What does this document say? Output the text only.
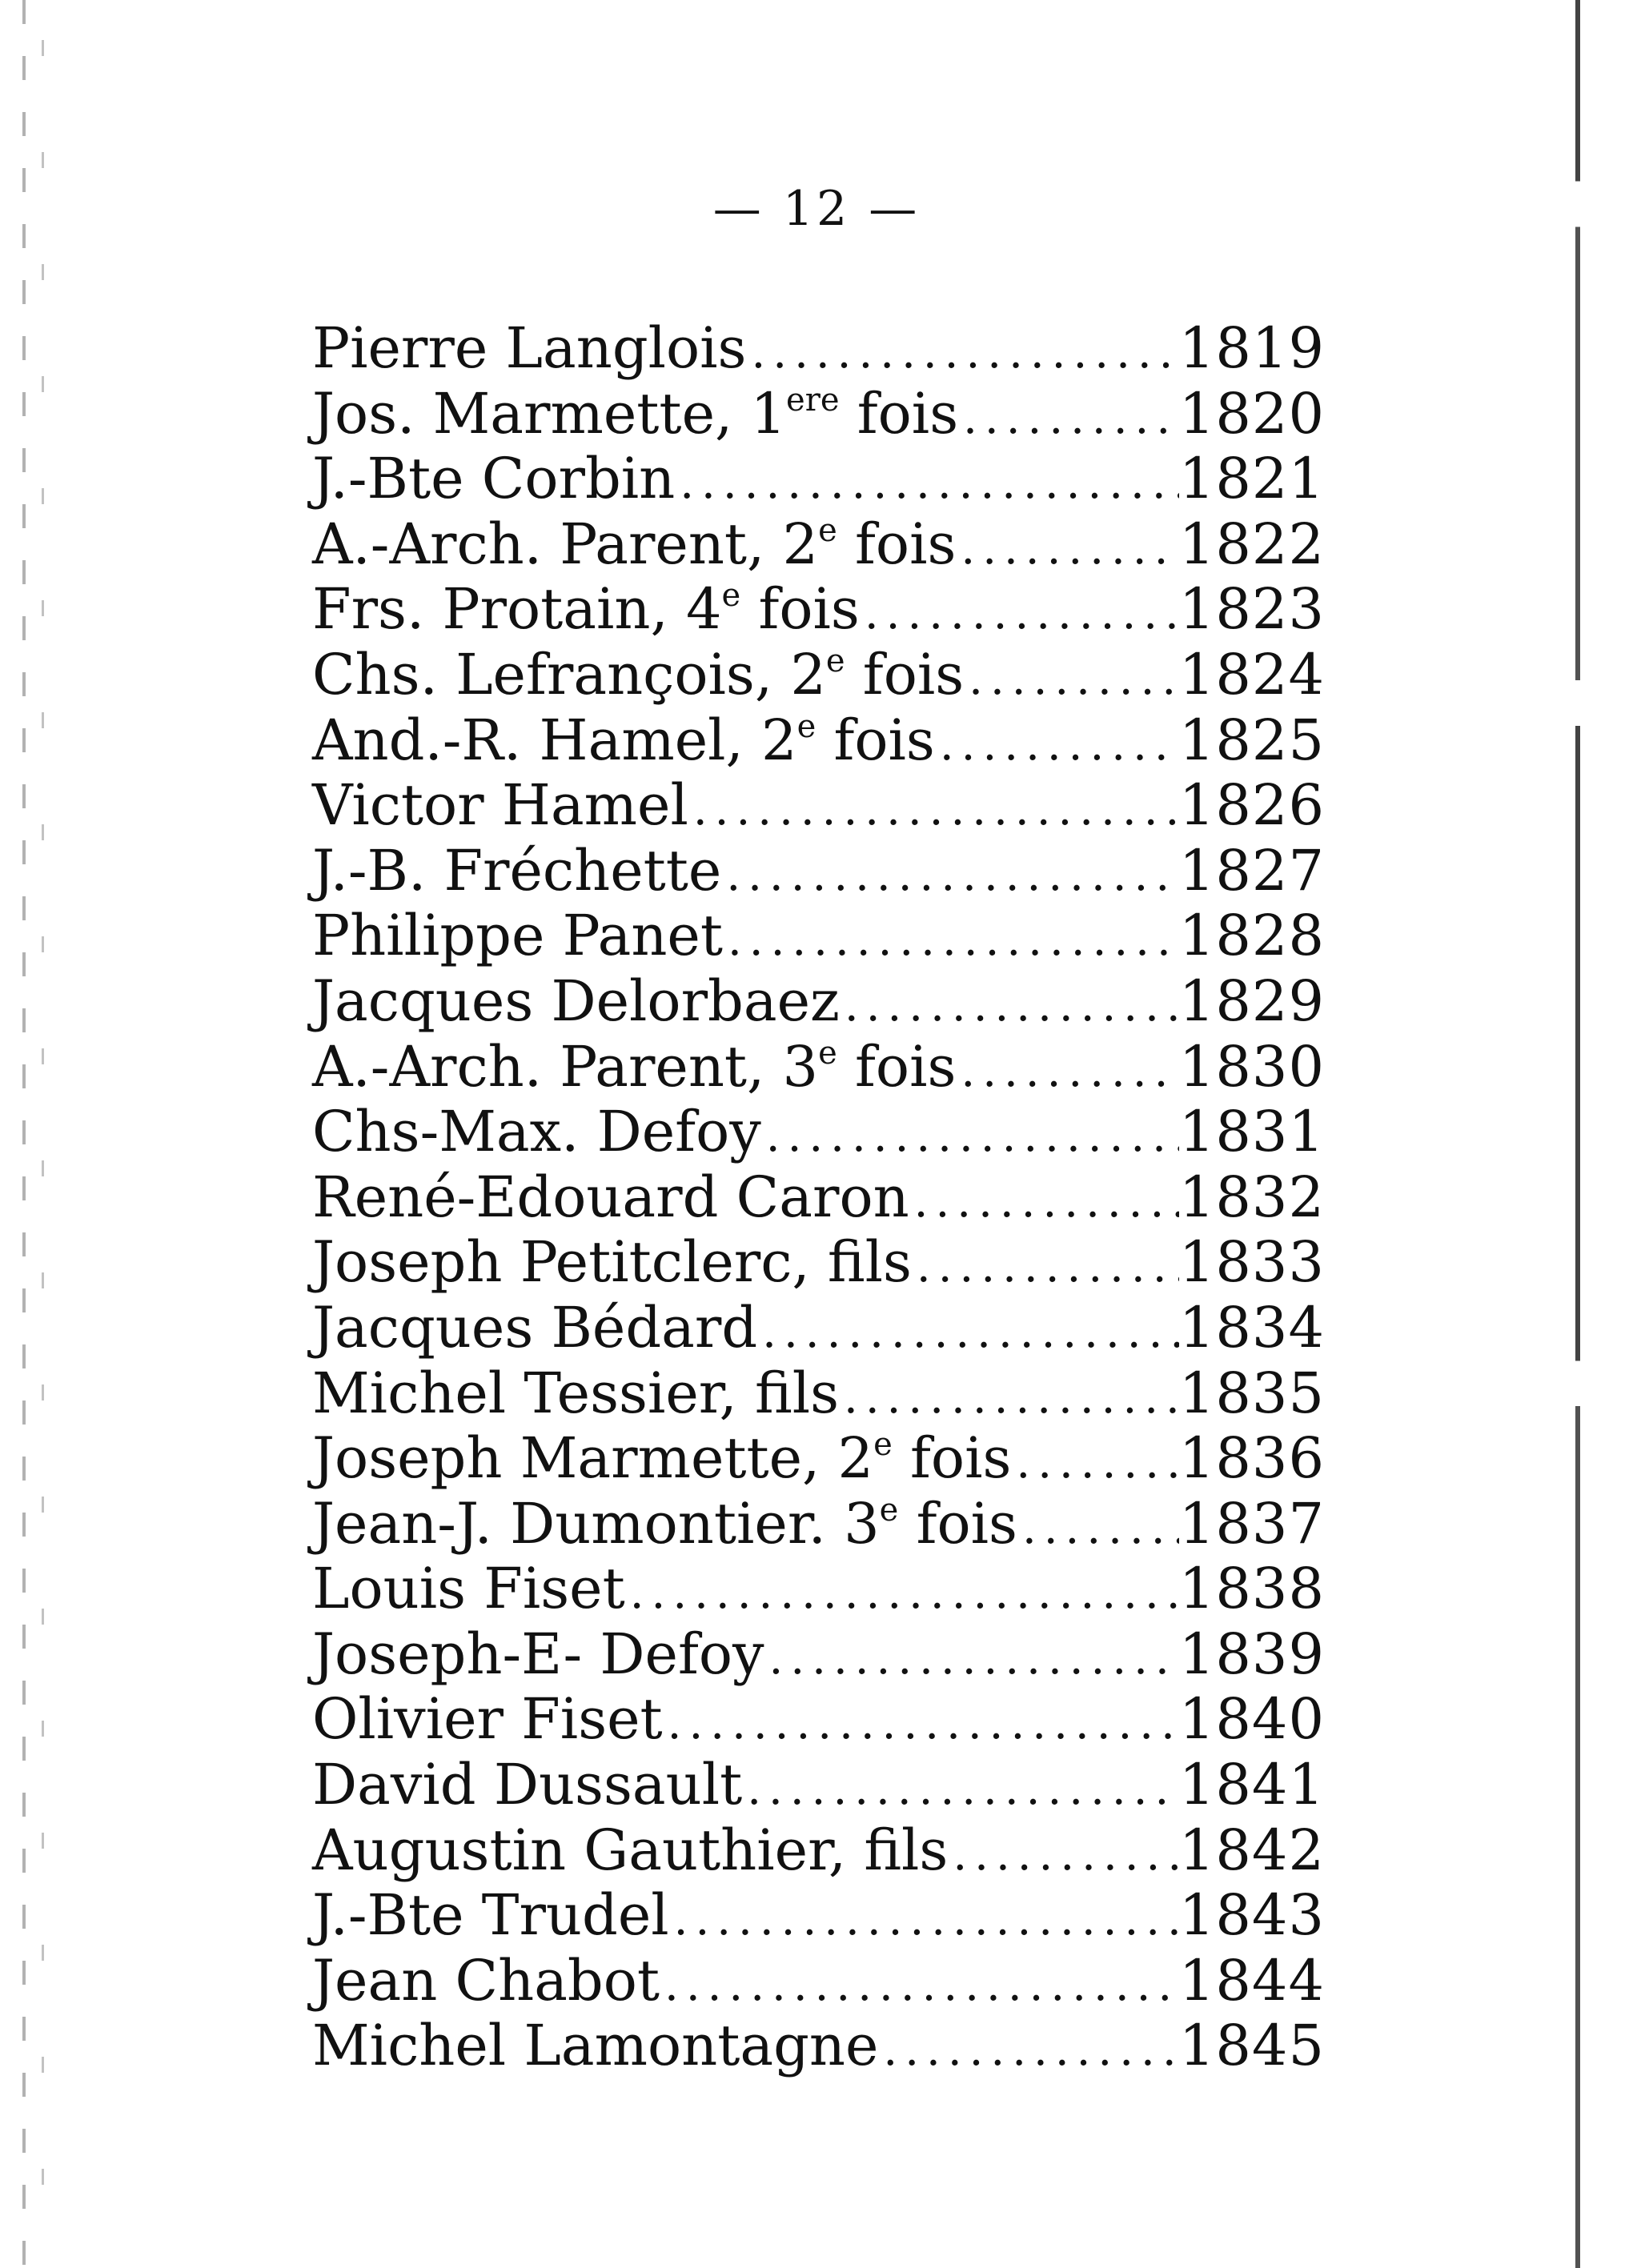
— 12 —
Pierre Langlois .....	1819
Jos. Marmette, 1ere fois .....	1820
J.-Bte Corbin .....	1821
A.-Arch. Parent, 2e fois .....	1822
Frs. Protain, 4e fois .....	1823
Chs. Lefrançois, 2e fois .....	1824
And.-R. Hamel, 2e fois .....	1825
Victor Hamel .....	1826
J.-B. Fréchette .....	1827
Philippe Panet .....	1828
Jacques Delorbaez .....	1829
A.-Arch. Parent, 3e fois .....	1830
Chs-Max. Defoy .....	1831
René-Edouard Caron .....	1832
Joseph Petitclerc, fils .....	1833
Jacques Bédard .....	1834
Michel Tessier, fils .....	1835
Joseph Marmette, 2e fois .....	1836
Jean-J. Dumontier. 3e fois .....	1837
Louis Fiset .....	1838
Joseph-E- Defoy .....	1839
Olivier Fiset .....	1840
David Dussault .....	1841
Augustin Gauthier, fils .....	1842
J.-Bte Trudel .....	1843
Jean Chabot .....	1844
Michel Lamontagne .....	1845
